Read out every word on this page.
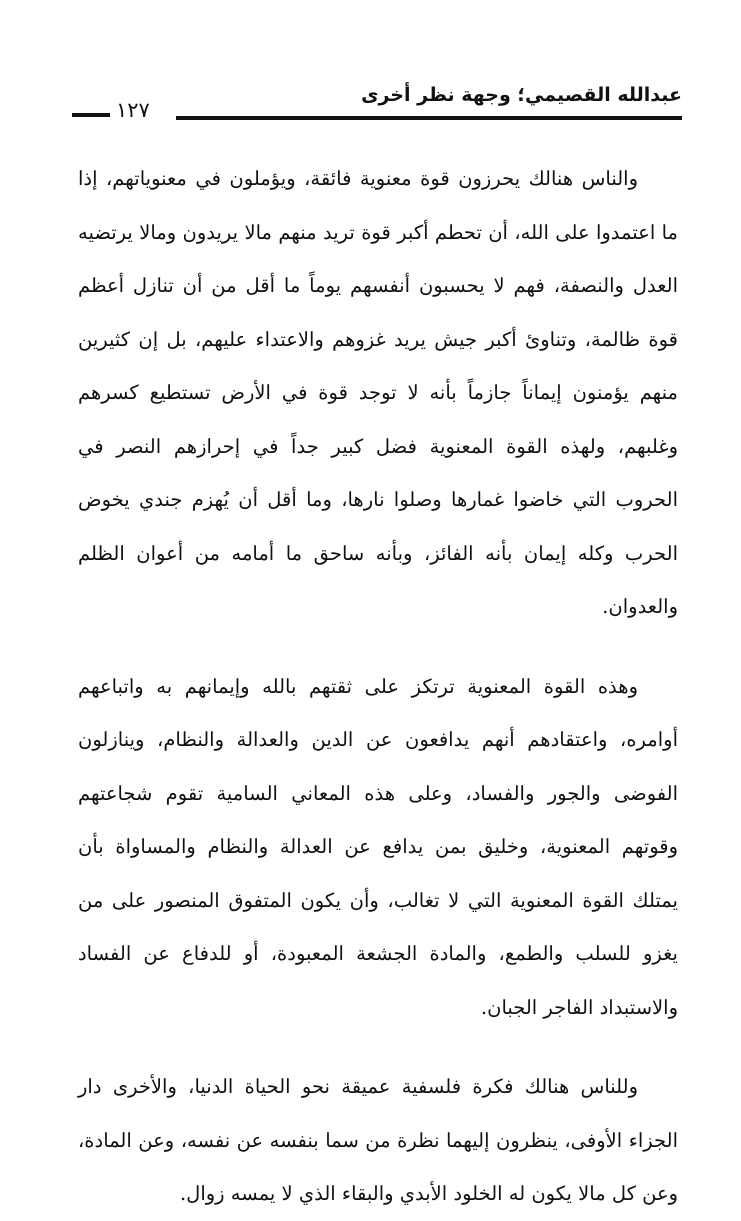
عبدالله القصيمي؛ وجهة نظر أخرى
١٢٧

والناس هنالك يحرزون قوة معنوية فائقة، ويؤملون في معنوياتهم، إذا ما اعتمدوا على الله، أن تحطم أكبر قوة تريد منهم مالا يريدون ومالا يرتضيه العدل والنصفة، فهم لا يحسبون أنفسهم يوماً ما أقل من أن تنازل أعظم قوة ظالمة، وتناوئ أكبر جيش يريد غزوهم والاعتداء عليهم، بل إن كثيرين منهم يؤمنون إيماناً جازماً بأنه لا توجد قوة في الأرض تستطيع كسرهم وغلبهم، ولهذه القوة المعنوية فضل كبير جداً في إحرازهم النصر في الحروب التي خاضوا غمارها وصلوا نارها، وما أقل أن يُهزم جندي يخوض الحرب وكله إيمان بأنه الفائز، وبأنه ساحق ما أمامه من أعوان الظلم والعدوان.

وهذه القوة المعنوية ترتكز على ثقتهم بالله وإيمانهم به واتباعهم أوامره، واعتقادهم أنهم يدافعون عن الدين والعدالة والنظام، وينازلون الفوضى والجور والفساد، وعلى هذه المعاني السامية تقوم شجاعتهم وقوتهم المعنوية، وخليق بمن يدافع عن العدالة والنظام والمساواة بأن يمتلك القوة المعنوية التي لا تغالب، وأن يكون المتفوق المنصور على من يغزو للسلب والطمع، والمادة الجشعة المعبودة، أو للدفاع عن الفساد والاستبداد الفاجر الجبان.

وللناس هنالك فكرة فلسفية عميقة نحو الحياة الدنيا، والأخرى دار الجزاء الأوفى، ينظرون إليهما نظرة من سما بنفسه عن نفسه، وعن المادة، وعن كل مالا يكون له الخلود الأبدي والبقاء الذي لا يمسه زوال.
